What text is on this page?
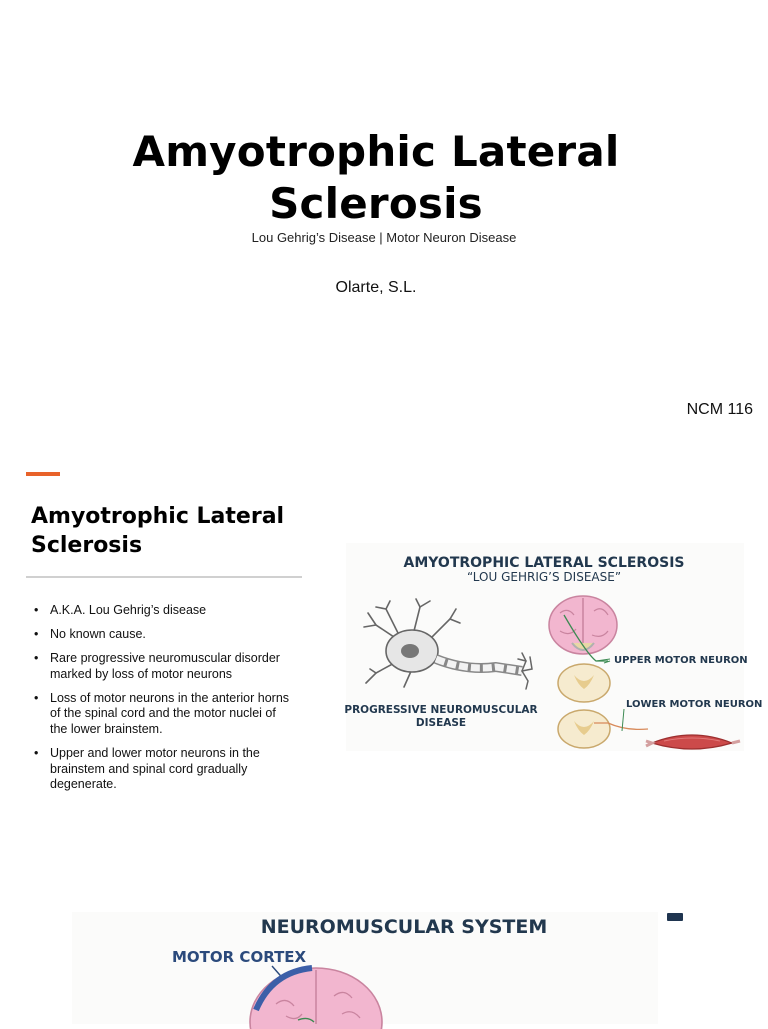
Amyotrophic Lateral
Sclerosis
Lou Gehrig’s Disease | Motor Neuron Disease
Olarte, S.L.
NCM 116
Amyotrophic Lateral
Sclerosis
• A.K.A. Lou Gehrig’s disease
• No known cause.
• Rare progressive neuromuscular disorder marked by loss of motor neurons
• Loss of motor neurons in the anterior horns of the spinal cord and the motor nuclei of the lower brainstem.
• Upper and lower motor neurons in the brainstem and spinal cord gradually degenerate.
AMYOTROPHIC LATERAL SCLEROSIS
“LOU GEHRIG’S DISEASE”
PROGRESSIVE NEUROMUSCULAR
DISEASE
UPPER MOTOR NEURON
LOWER MOTOR NEURON
NEUROMUSCULAR SYSTEM
MOTOR CORTEX
